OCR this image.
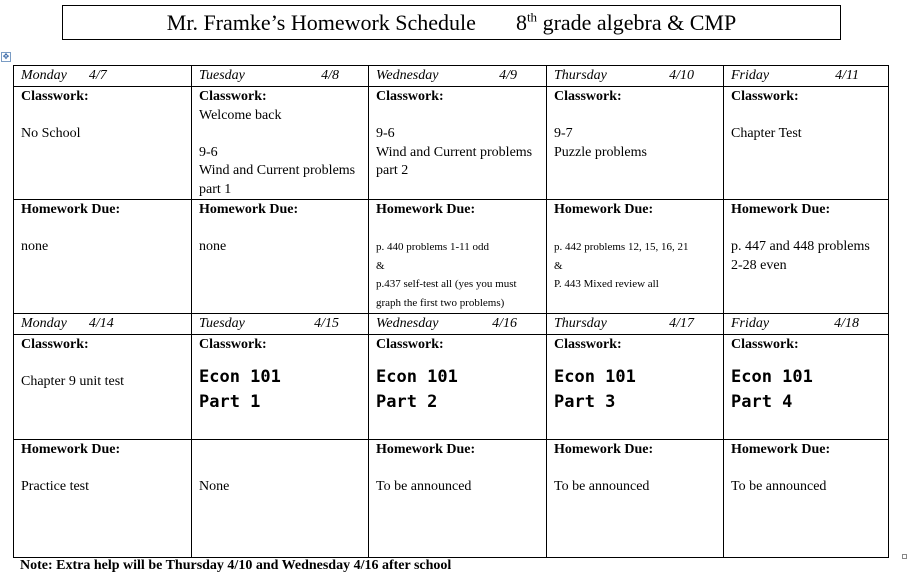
Mr. Framke’s Homework Schedule 8th grade algebra & CMP
✥
Monday 4/7	Tuesday 4/8	Wednesday 4/9	Thursday 4/10	Friday 4/11

Classwork:

No School	Classwork:
Welcome back

9-6
Wind and Current problems part 1	Classwork:

9-6
Wind and Current problems part 2	Classwork:

9-7
Puzzle problems	Classwork:

Chapter Test

Homework Due:

none	Homework Due:

none	Homework Due:

p. 440 problems 1-11 odd
&
p.437 self-test all (yes you must graph the first two problems)	Homework Due:

p. 442 problems 12, 15, 16, 21
&
P. 443 Mixed review all	Homework Due:

p. 447 and 448 problems 2-28 even

Monday 4/14	Tuesday 4/15	Wednesday 4/16	Thursday 4/17	Friday 4/18

Classwork:

Chapter 9 unit test	Classwork:
Econ 101
Part 1	Classwork:
Econ 101
Part 2	Classwork:
Econ 101
Part 3	Classwork:
Econ 101
Part 4

Homework Due:

Practice test	None	Homework Due:

To be announced	Homework Due:

To be announced	Homework Due:

To be announced
Note: Extra help will be Thursday 4/10 and Wednesday 4/16 after school
